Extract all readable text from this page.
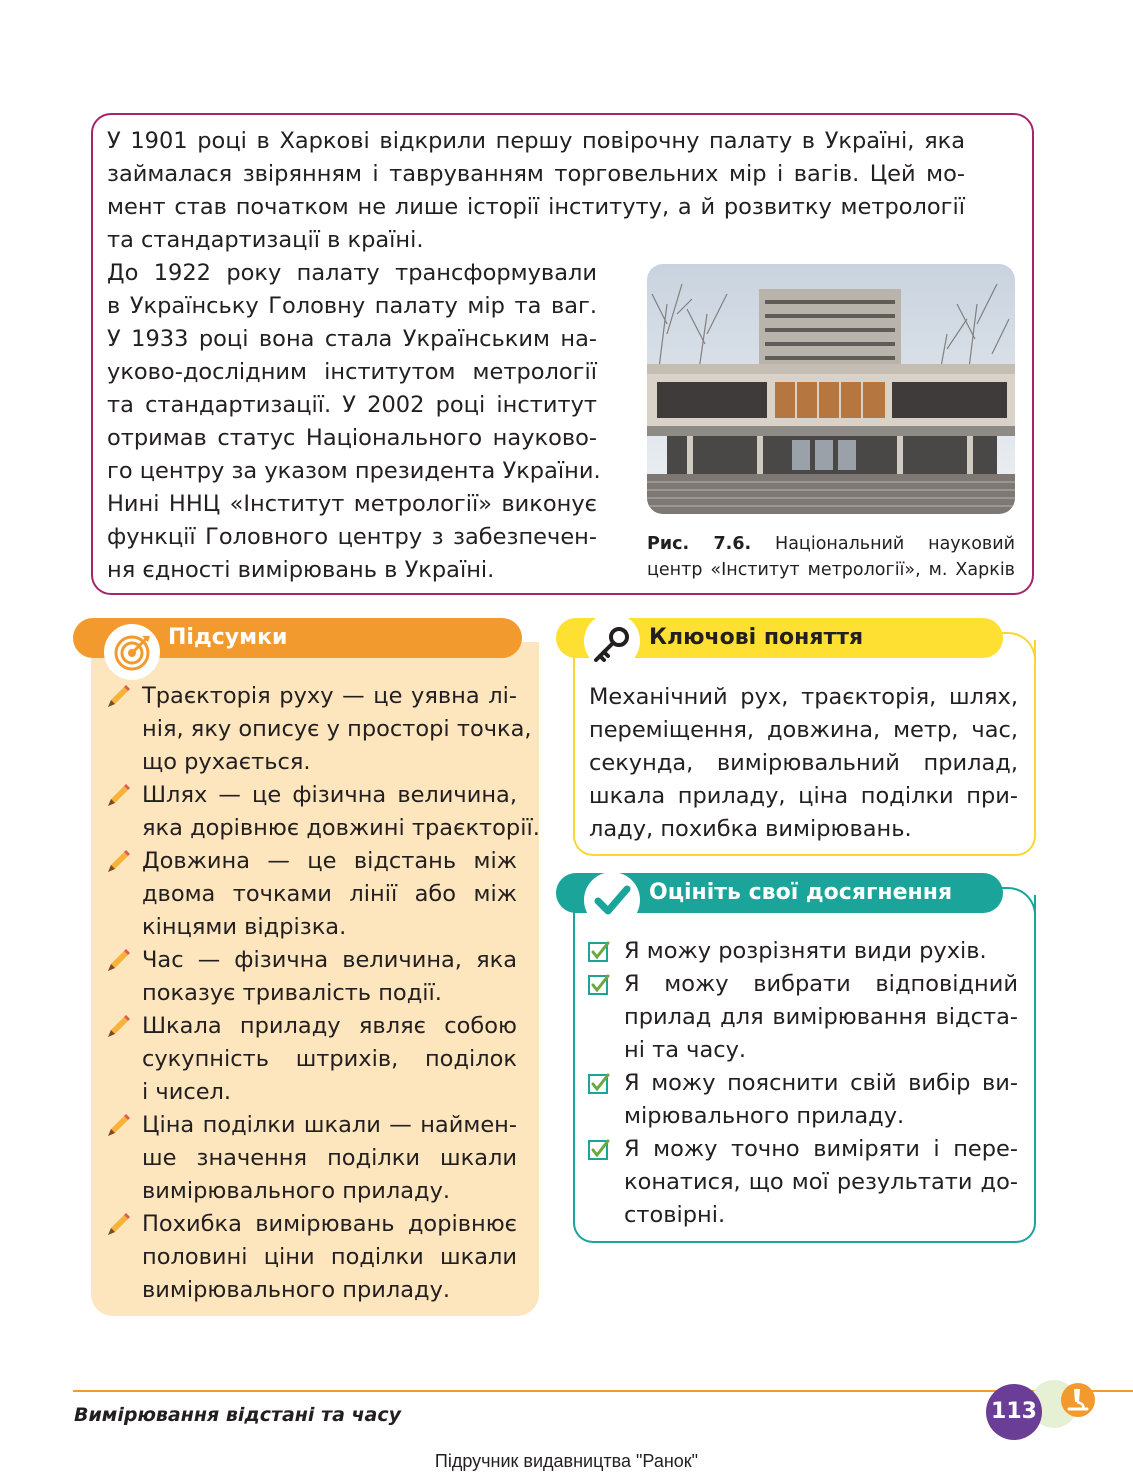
У 1901 році в Харкові відкрили першу повірочну палату в Україні, яка
займалася звірянням і тавруванням торговельних мір і вагів. Цей мо-
мент став початком не лише історії інституту, а й розвитку метрології
та стандартизації в країні.
До 1922 року палату трансформували
в Українську Головну палату мір та ваг.
У 1933 році вона стала Українським на-
уково-дослідним інститутом метрології
та стандартизації. У 2002 році інститут
отримав статус Національного науково-
го центру за указом президента України.
Нині ННЦ «Інститут метрології» виконує
функції Головного центру з забезпечен-
ня єдності вимірювань в Україні.
Рис. 7.6. Національний науковий
центр «Інститут метрології», м. Харків
Підсумки
Траєкторія руху — це уявна лі-
нія, яку описує у просторі точка,
що рухається.
Шлях — це фізична величина,
яка дорівнює довжині траєкторії.
Довжина — це відстань між
двома точками лінії або між
кінцями відрізка.
Час — фізична величина, яка
показує тривалість події.
Шкала приладу являє собою
сукупність штрихів, поділок
і чисел.
Ціна поділки шкали — наймен-
ше значення поділки шкали
вимірювального приладу.
Похибка вимірювань дорівнює
половині ціни поділки шкали
вимірювального приладу.
Ключові поняття
Механічний рух, траєкторія, шлях,
переміщення, довжина, метр, час,
секунда, вимірювальний прилад,
шкала приладу, ціна поділки при-
ладу, похибка вимірювань.
Оцініть свої досягнення
Я можу розрізняти види рухів.
Я можу вибрати відповідний
прилад для вимірювання відста-
ні та часу.
Я можу пояснити свій вибір ви-
мірювального приладу.
Я можу точно виміряти і пере-
конатися, що мої результати до-
стовірні.
Вимірювання відстані та часу	113
Підручник видавництва "Ранок"
